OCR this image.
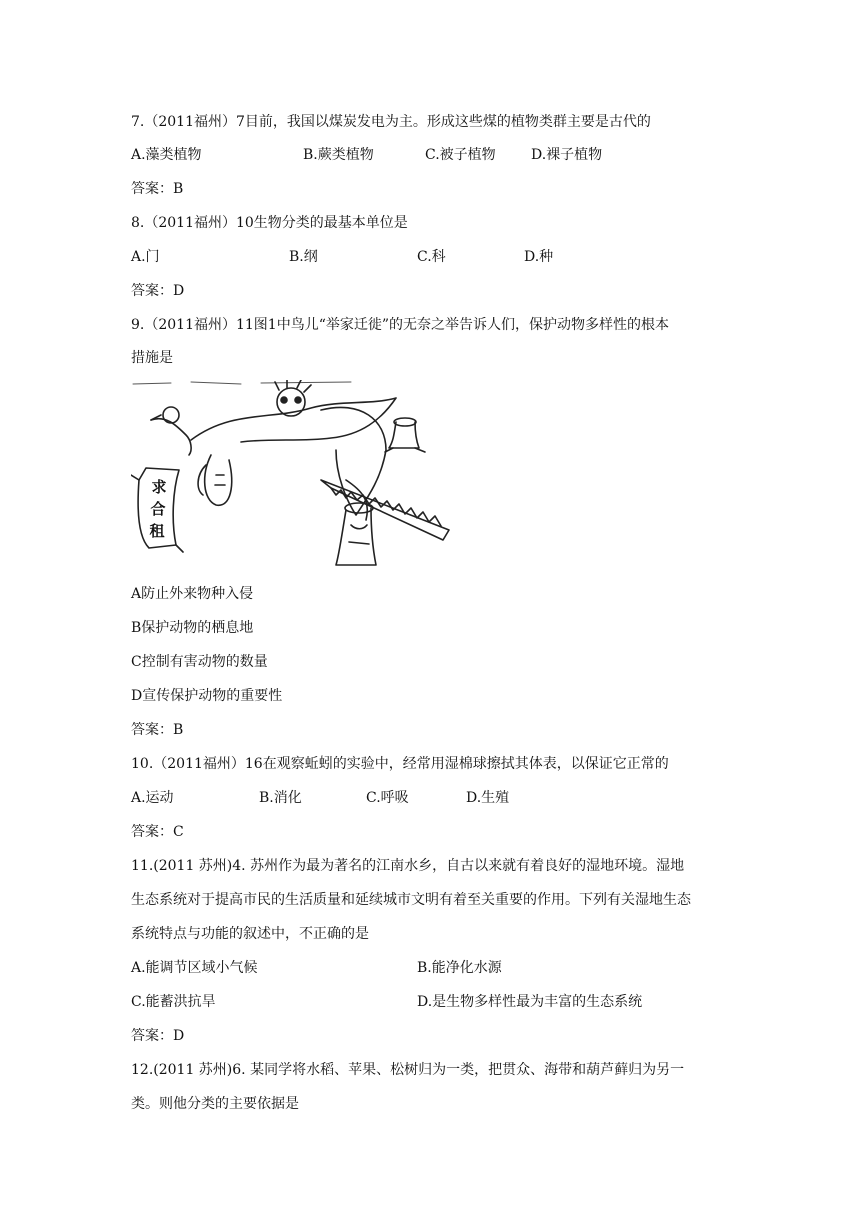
7.（2011福州）7目前，我国以煤炭发电为主。形成这些煤的植物类群主要是古代的
A.藻类植物	B.蕨类植物	C.被子植物	D.裸子植物
答案：B
8.（2011福州）10生物分类的最基本单位是
A.门	B.纲	C.科	D.种
答案：D
9.（2011福州）11图1中鸟儿“举家迁徙”的无奈之举告诉人们，保护动物多样性的根本
措施是
求
合
租
A防止外来物种入侵
B保护动物的栖息地
C控制有害动物的数量
D宣传保护动物的重要性
答案：B
10.（2011福州）16在观察蚯蚓的实验中，经常用湿棉球擦拭其体表，以保证它正常的
A.运动	B.消化	C.呼吸	D.生殖
答案：C
11.(2011 苏州)4. 苏州作为最为著名的江南水乡，自古以来就有着良好的湿地环境。湿地
生态系统对于提高市民的生活质量和延续城市文明有着至关重要的作用。下列有关湿地生态
系统特点与功能的叙述中，不正确的是
A.能调节区域小气候	B.能净化水源
C.能蓄洪抗旱	D.是生物多样性最为丰富的生态系统
答案：D
12.(2011 苏州)6. 某同学将水稻、苹果、松树归为一类，把贯众、海带和葫芦藓归为另一
类。则他分类的主要依据是
